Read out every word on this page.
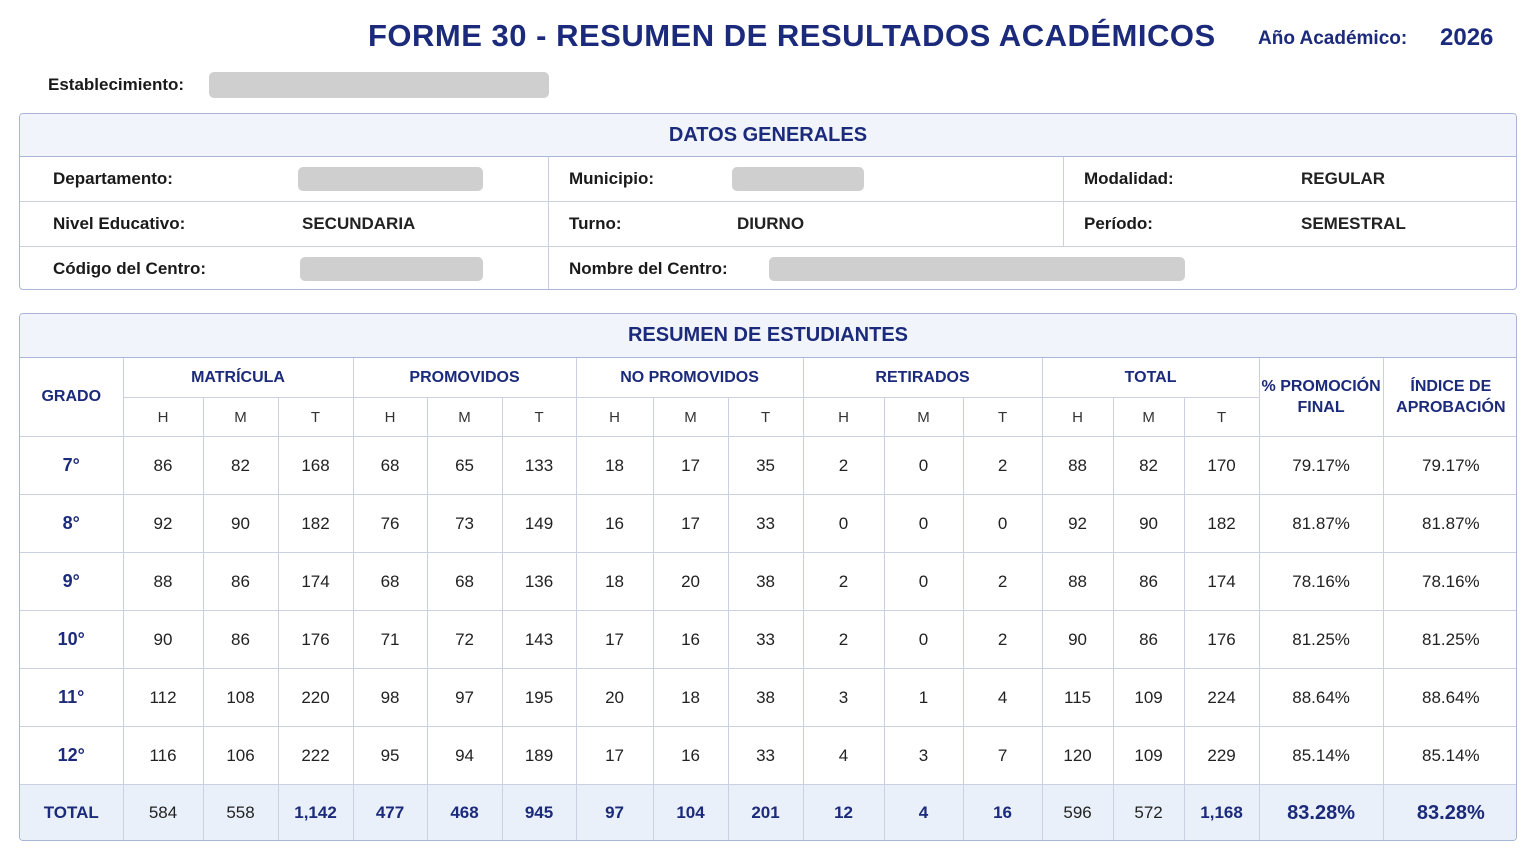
FORME 30 - RESUMEN DE RESULTADOS ACADÉMICOS Año Académico: 2026
Establecimiento:
DATOS GENERALES
Departamento:	Municipio:	Modalidad:	REGULAR
Nivel Educativo:	SECUNDARIA	Turno:	DIURNO	Período:	SEMESTRAL
Código del Centro:	Nombre del Centro:
RESUMEN DE ESTUDIANTES
GRADO	MATRÍCULA			PROMOVIDOS			NO PROMOVIDOS			RETIRADOS			TOTAL			% PROMOCIÓN FINAL	ÍNDICE DE APROBACIÓN
	H	M	T	H	M	T	H	M	T	H	M	T	H	M	T		
7°	86	82	168	68	65	133	18	17	35	2	0	2	88	82	170	79.17%	79.17%
8°	92	90	182	76	73	149	16	17	33	0	0	0	92	90	182	81.87%	81.87%
9°	88	86	174	68	68	136	18	20	38	2	0	2	88	86	174	78.16%	78.16%
10°	90	86	176	71	72	143	17	16	33	2	0	2	90	86	176	81.25%	81.25%
11°	112	108	220	98	97	195	20	18	38	3	1	4	115	109	224	88.64%	88.64%
12°	116	106	222	95	94	189	17	16	33	4	3	7	120	109	229	85.14%	85.14%
TOTAL	584	558	1,142	477	468	945	97	104	201	12	4	16	596	572	1,168	83.28%	83.28%
